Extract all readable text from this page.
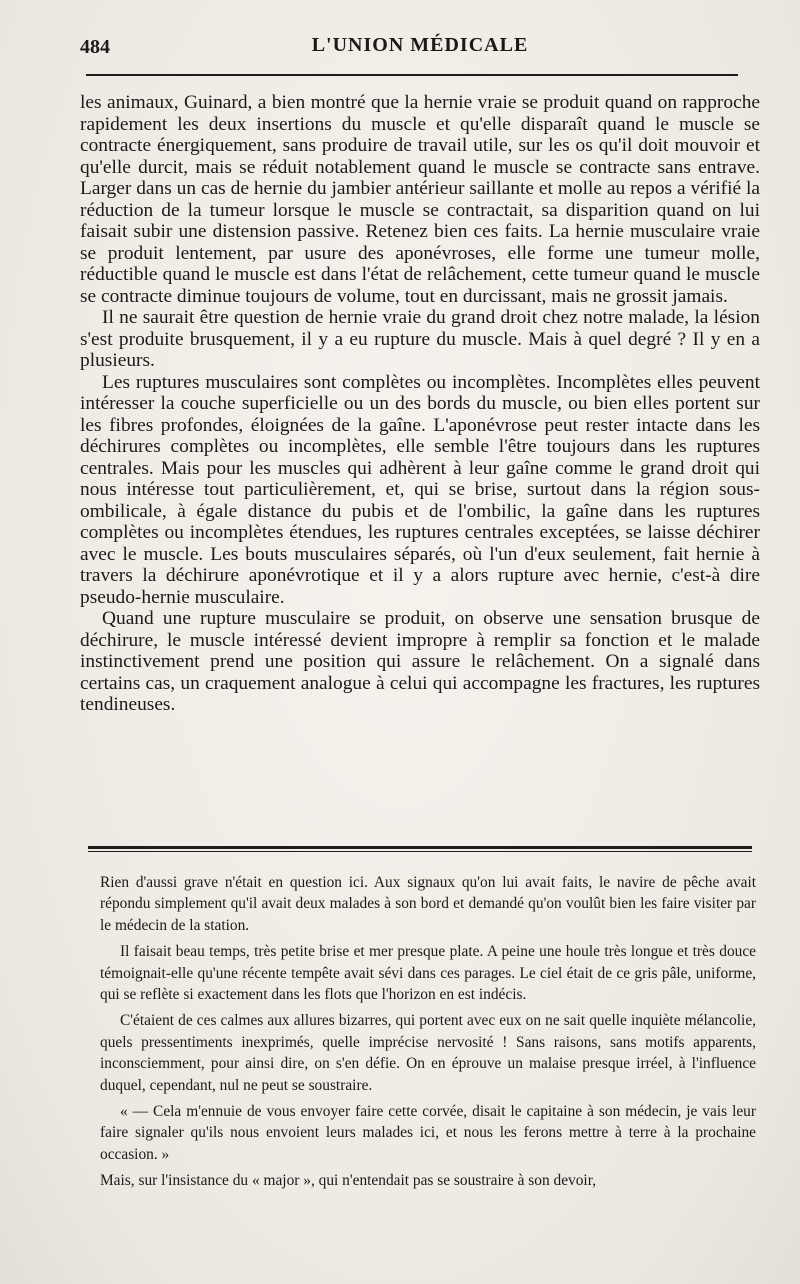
484	L'UNION MÉDICALE

les animaux, Guinard, a bien montré que la hernie vraie se produit quand on rapproche rapidement les deux insertions du muscle et qu'elle disparaît quand le muscle se contracte énergiquement, sans produire de travail utile, sur les os qu'il doit mouvoir et qu'elle durcit, mais se réduit notablement quand le muscle se contracte sans entrave. Larger dans un cas de hernie du jambier antérieur saillante et molle au repos a vérifié la réduction de la tumeur lorsque le muscle se contractait, sa disparition quand on lui faisait subir une distension passive. Retenez bien ces faits. La hernie musculaire vraie se produit lentement, par usure des aponévroses, elle forme une tumeur molle, réductible quand le muscle est dans l'état de relâchement, cette tumeur quand le muscle se contracte diminue toujours de volume, tout en durcissant, mais ne grossit jamais.

Il ne saurait être question de hernie vraie du grand droit chez notre malade, la lésion s'est produite brusquement, il y a eu rupture du muscle. Mais à quel degré ? Il y en a plusieurs.

Les ruptures musculaires sont complètes ou incomplètes. Incomplètes elles peuvent intéresser la couche superficielle ou un des bords du muscle, ou bien elles portent sur les fibres profondes, éloignées de la gaîne. L'aponévrose peut rester intacte dans les déchirures complètes ou incomplètes, elle semble l'être toujours dans les ruptures centrales. Mais pour les muscles qui adhèrent à leur gaîne comme le grand droit qui nous intéresse tout particulièrement, et, qui se brise, surtout dans la région sous-ombilicale, à égale distance du pubis et de l'ombilic, la gaîne dans les ruptures complètes ou incomplètes étendues, les ruptures centrales exceptées, se laisse déchirer avec le muscle. Les bouts musculaires séparés, où l'un d'eux seulement, fait hernie à travers la déchirure aponévrotique et il y a alors rupture avec hernie, c'est-à dire pseudo-hernie musculaire.

Quand une rupture musculaire se produit, on observe une sensation brusque de déchirure, le muscle intéressé devient impropre à remplir sa fonction et le malade instinctivement prend une position qui assure le relâchement. On a signalé dans certains cas, un craquement analogue à celui qui accompagne les fractures, les ruptures tendineuses.

Rien d'aussi grave n'était en question ici. Aux signaux qu'on lui avait faits, le navire de pêche avait répondu simplement qu'il avait deux malades à son bord et demandé qu'on voulût bien les faire visiter par le médecin de la station.

Il faisait beau temps, très petite brise et mer presque plate. A peine une houle très longue et très douce témoignait-elle qu'une récente tempête avait sévi dans ces parages. Le ciel était de ce gris pâle, uniforme, qui se reflète si exactement dans les flots que l'horizon en est indécis.

C'étaient de ces calmes aux allures bizarres, qui portent avec eux on ne sait quelle inquiète mélancolie, quels pressentiments inexprimés, quelle imprécise nervosité ! Sans raisons, sans motifs apparents, inconsciemment, pour ainsi dire, on s'en défie. On en éprouve un malaise presque irréel, à l'influence duquel, cependant, nul ne peut se soustraire.

« — Cela m'ennuie de vous envoyer faire cette corvée, disait le capitaine à son médecin, je vais leur faire signaler qu'ils nous envoient leurs malades ici, et nous les ferons mettre à terre à la prochaine occasion. »

Mais, sur l'insistance du « major », qui n'entendait pas se soustraire à son devoir,
